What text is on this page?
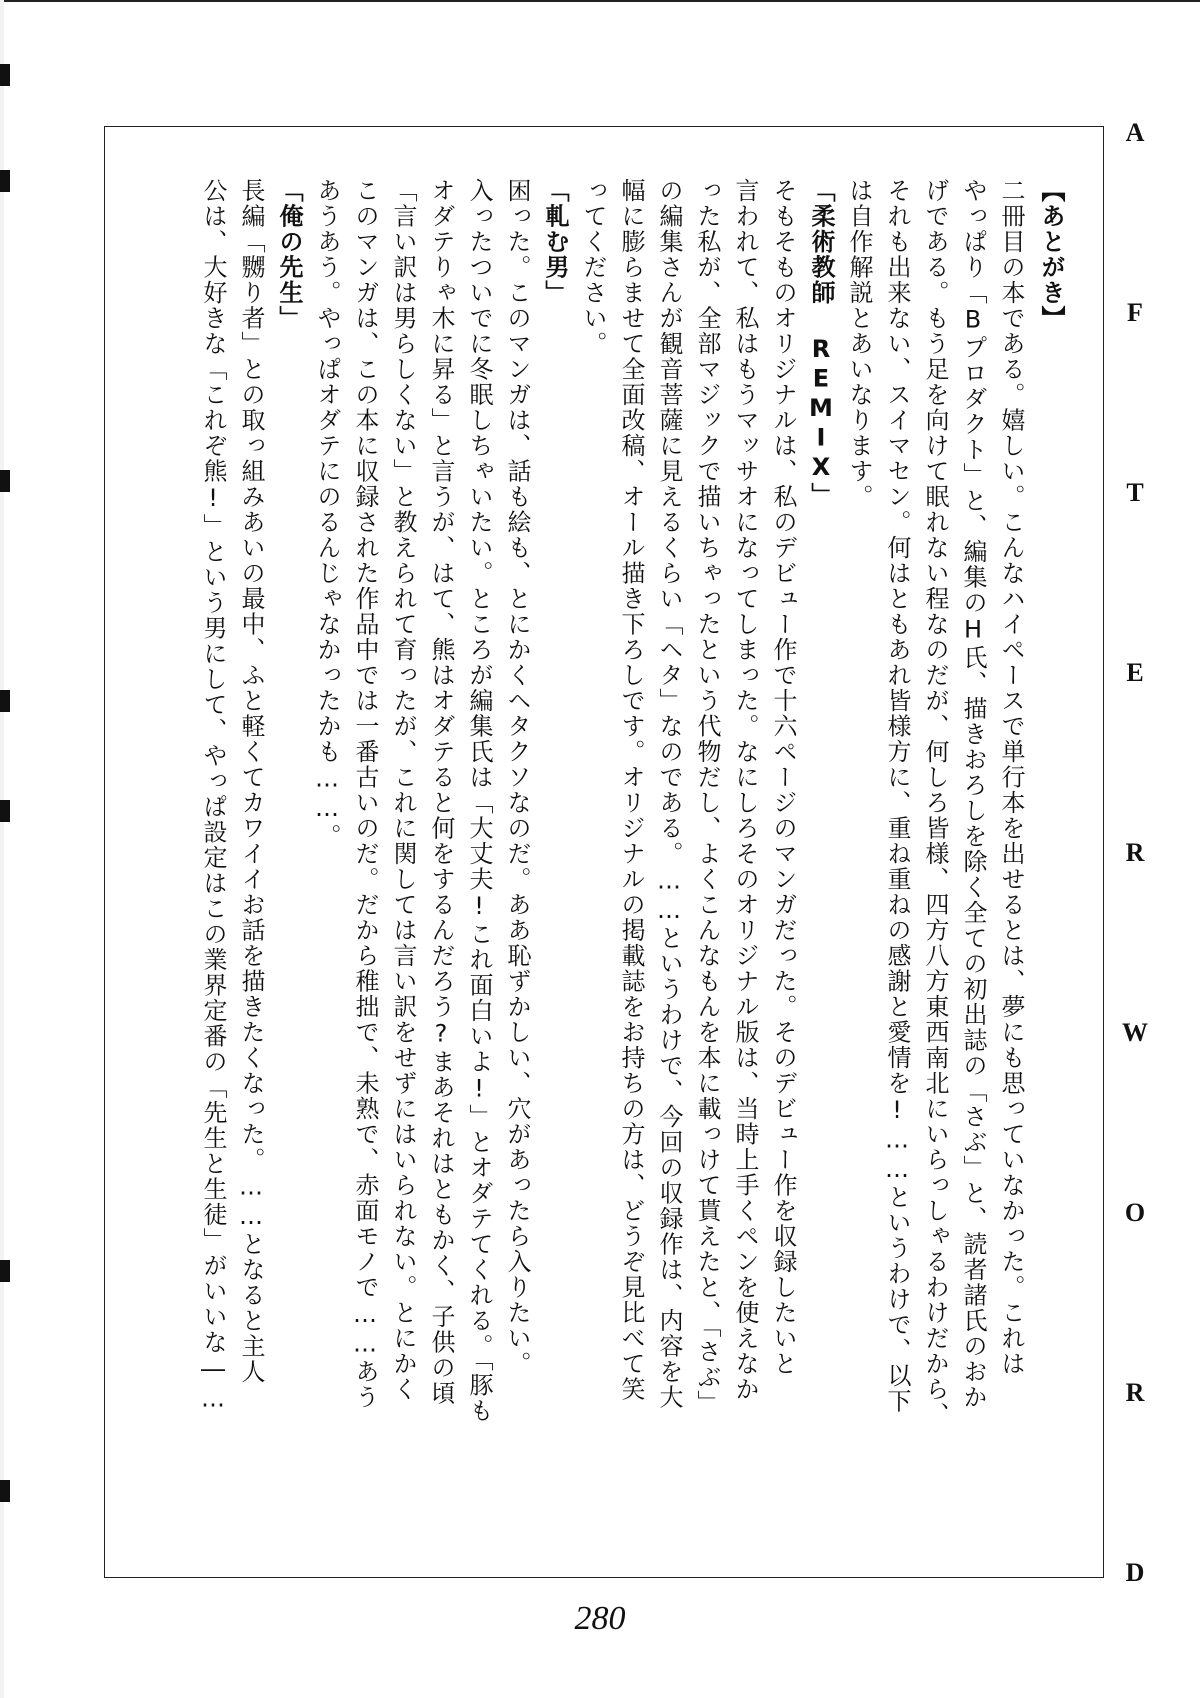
【あとがき】
二冊目の本である。嬉しい。こんなハイペースで単行本を出せるとは、夢にも思っていなかった。これは
やっぱり「Bプロダクト」と、編集のH氏、描きおろしを除く全ての初出誌の「さぶ」と、読者諸氏のおか
げである。もう足を向けて眠れない程なのだが、何しろ皆様、四方八方東西南北にいらっしゃるわけだから、
それも出来ない、スイマセン。何はともあれ皆様方に、重ね重ねの感謝と愛情を!……というわけで、以下
は自作解説とあいなります。
「柔術教師 REMIX」
そもそものオリジナルは、私のデビュー作で十六ページのマンガだった。そのデビュー作を収録したいと
言われて、私はもうマッサオになってしまった。なにしろそのオリジナル版は、当時上手くペンを使えなか
った私が、全部マジックで描いちゃったという代物だし、よくこんなもんを本に載っけて貰えたと、「さぶ」
の編集さんが観音菩薩に見えるくらい「ヘタ」なのである。……というわけで、今回の収録作は、内容を大
幅に膨らませて全面改稿、オール描き下ろしです。オリジナルの掲載誌をお持ちの方は、どうぞ見比べて笑
ってください。
「軋む男」
困った。このマンガは、話も絵も、とにかくヘタクソなのだ。ああ恥ずかしい、穴があったら入りたい。
入ったついでに冬眠しちゃいたい。ところが編集氏は「大丈夫!これ面白いよ!」とオダテてくれる。「豚も
オダテりゃ木に昇る」と言うが、はて、熊はオダテると何をするんだろう?まあそれはともかく、子供の頃
「言い訳は男らしくない」と教えられて育ったが、これに関しては言い訳をせずにはいられない。とにかく
このマンガは、この本に収録された作品中では一番古いのだ。だから稚拙で、未熟で、赤面モノで……あう
あうあう。やっぱオダテにのるんじゃなかったかも……。
「俺の先生」
長編「嬲り者」との取っ組みあいの最中、ふと軽くてカワイイお話を描きたくなった。……となると主人
公は、大好きな「これぞ熊!」という男にして、やっぱ設定はこの業界定番の「先生と生徒」がいいな―…
A
F
T
E
R
W
O
R
D
280
